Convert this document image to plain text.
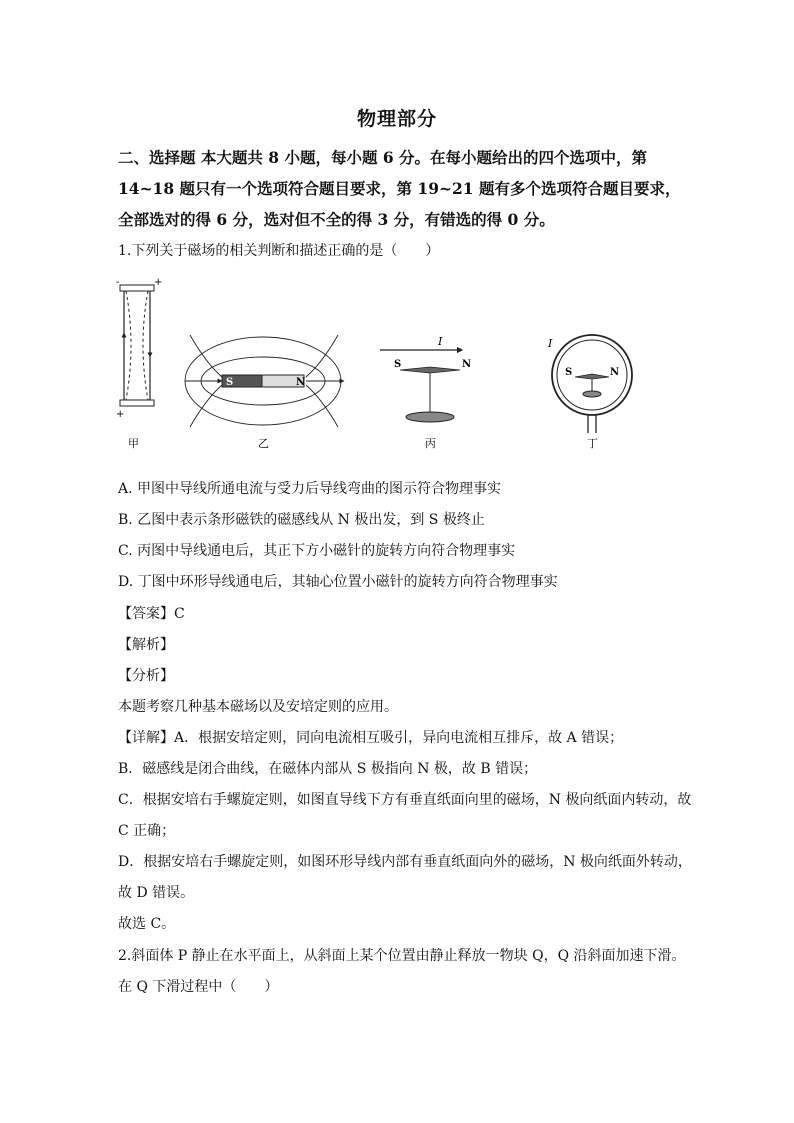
物理部分
二、选择题 本大题共 8 小题，每小题 6 分。在每小题给出的四个选项中，第 14~18 题只有一个选项符合题目要求，第 19~21 题有多个选项符合题目要求，全部选对的得 6 分，选对但不全的得 3 分，有错选的得 0 分。
1.下列关于磁场的相关判断和描述正确的是（　　）
-	+
+
甲
S	N
乙
I
S	N
丙
S	N
I
丁
A. 甲图中导线所通电流与受力后导线弯曲的图示符合物理事实
B. 乙图中表示条形磁铁的磁感线从 N 极出发，到 S 极终止
C. 丙图中导线通电后，其正下方小磁针的旋转方向符合物理事实
D. 丁图中环形导线通电后，其轴心位置小磁针的旋转方向符合物理事实
【答案】C
【解析】
【分析】
本题考察几种基本磁场以及安培定则的应用。
【详解】A．根据安培定则，同向电流相互吸引，异向电流相互排斥，故 A 错误；
B．磁感线是闭合曲线，在磁体内部从 S 极指向 N 极，故 B 错误；
C．根据安培右手螺旋定则，如图直导线下方有垂直纸面向里的磁场，N 极向纸面内转动，故
C 正确；
D．根据安培右手螺旋定则，如图环形导线内部有垂直纸面向外的磁场，N 极向纸面外转动，
故 D 错误。
故选 C。
2.斜面体 P 静止在水平面上，从斜面上某个位置由静止释放一物块 Q，Q 沿斜面加速下滑。
在 Q 下滑过程中（　　）
